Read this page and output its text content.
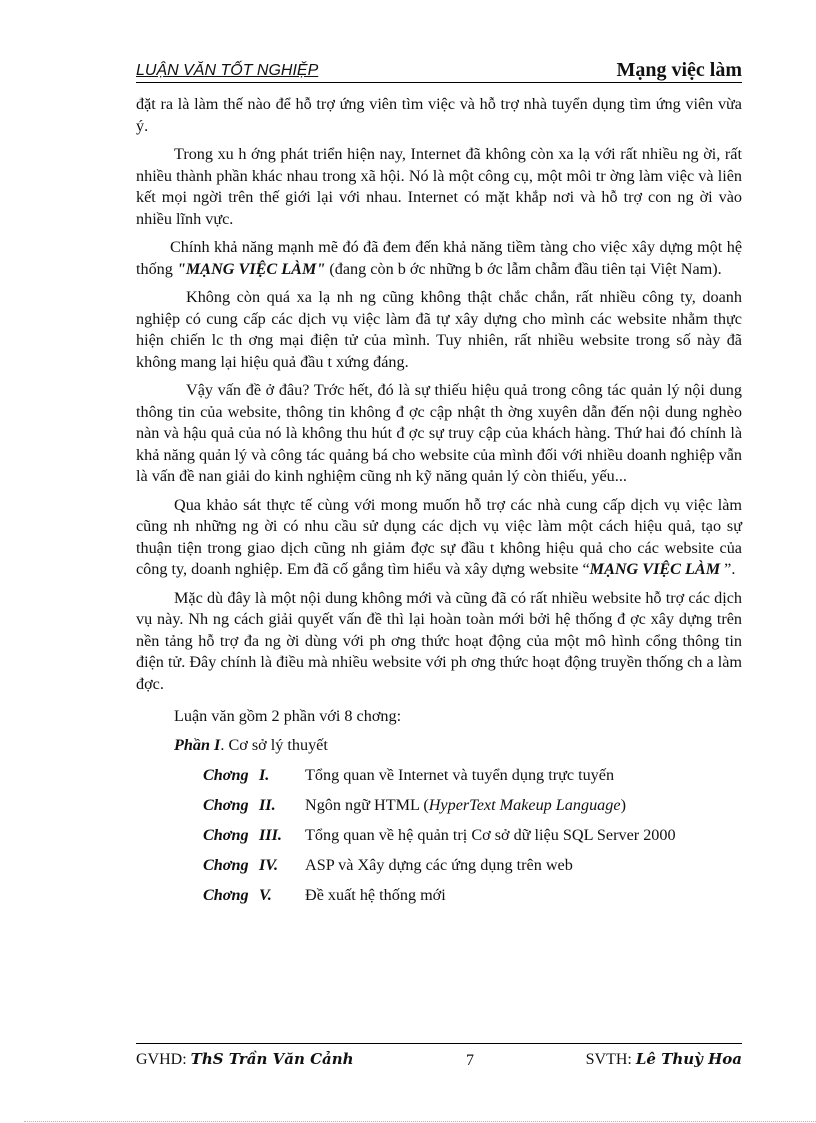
LUẬN VĂN TỐT NGHIỆP	Mạng việc làm

đặt ra là làm thế nào để hỗ trợ ứng viên tìm việc và hỗ trợ nhà tuyển dụng tìm ứng viên vừa ý.

Trong xu h ớng phát triển hiện nay, Internet đã không còn xa lạ với rất nhiều ng ời, rất nhiều thành phần khác nhau trong xã hội. Nó là một công cụ, một môi tr ờng làm việc và liên kết mọi ngời trên thế giới lại với nhau. Internet có mặt khắp nơi và hỗ trợ con ng ời vào nhiều lĩnh vực.

Chính khả năng mạnh mẽ đó đã đem đến khả năng tiềm tàng cho việc xây dựng một hệ thống "MẠNG VIỆC LÀM" (đang còn b ớc những b ớc lẫm chẫm đầu tiên tại Việt Nam).

Không còn quá xa lạ nh ng cũng không thật chắc chắn, rất nhiều công ty, doanh nghiệp có cung cấp các dịch vụ việc làm đã tự xây dựng cho mình các website nhằm thực hiện chiến lc th ơng mại điện tử của mình. Tuy nhiên, rất nhiều website trong số này đã không mang lại hiệu quả đầu t xứng đáng.

Vậy vấn đề ở đâu? Trớc hết, đó là sự thiếu hiệu quả trong công tác quản lý nội dung thông tin của website, thông tin không đ ợc cập nhật th ờng xuyên dẫn đến nội dung nghèo nàn và hậu quả của nó là không thu hút đ ợc sự truy cập của khách hàng. Thứ hai đó chính là khả năng quản lý và công tác quảng bá cho website của mình đối với nhiều doanh nghiệp vẫn là vấn đề nan giải do kinh nghiệm cũng nh kỹ năng quản lý còn thiếu, yếu...

Qua khảo sát thực tế cùng với mong muốn hỗ trợ các nhà cung cấp dịch vụ việc làm cũng nh những ng ời có nhu cầu sử dụng các dịch vụ việc làm một cách hiệu quả, tạo sự thuận tiện trong giao dịch cũng nh giảm đợc sự đầu t không hiệu quả cho các website của công ty, doanh nghiệp. Em đã cố gắng tìm hiểu và xây dựng website “MẠNG VIỆC LÀM ”.

Mặc dù đây là một nội dung không mới và cũng đã có rất nhiều website hỗ trợ các dịch vụ này. Nh ng cách giải quyết vấn đề thì lại hoàn toàn mới bởi hệ thống đ ợc xây dựng trên nền tảng hỗ trợ đa ng ời dùng với ph ơng thức hoạt động của một mô hình cổng thông tin điện tử. Đây chính là điều mà nhiều website với ph ơng thức hoạt động truyền thống ch a làm đợc.

Luận văn gồm 2 phần với 8 chơng:
Phần I. Cơ sở lý thuyết
Chơng I.	Tổng quan về Internet và tuyển dụng trực tuyến
Chơng II.	Ngôn ngữ HTML (HyperText Makeup Language)
Chơng III.	Tổng quan về hệ quản trị Cơ sở dữ liệu SQL Server 2000
Chơng IV.	ASP và Xây dựng các ứng dụng trên web
Chơng V.	Đề xuất hệ thống mới
GVHD: ThS Trần Văn Cảnh	7	SVTH: Lê Thuỳ Hoa
